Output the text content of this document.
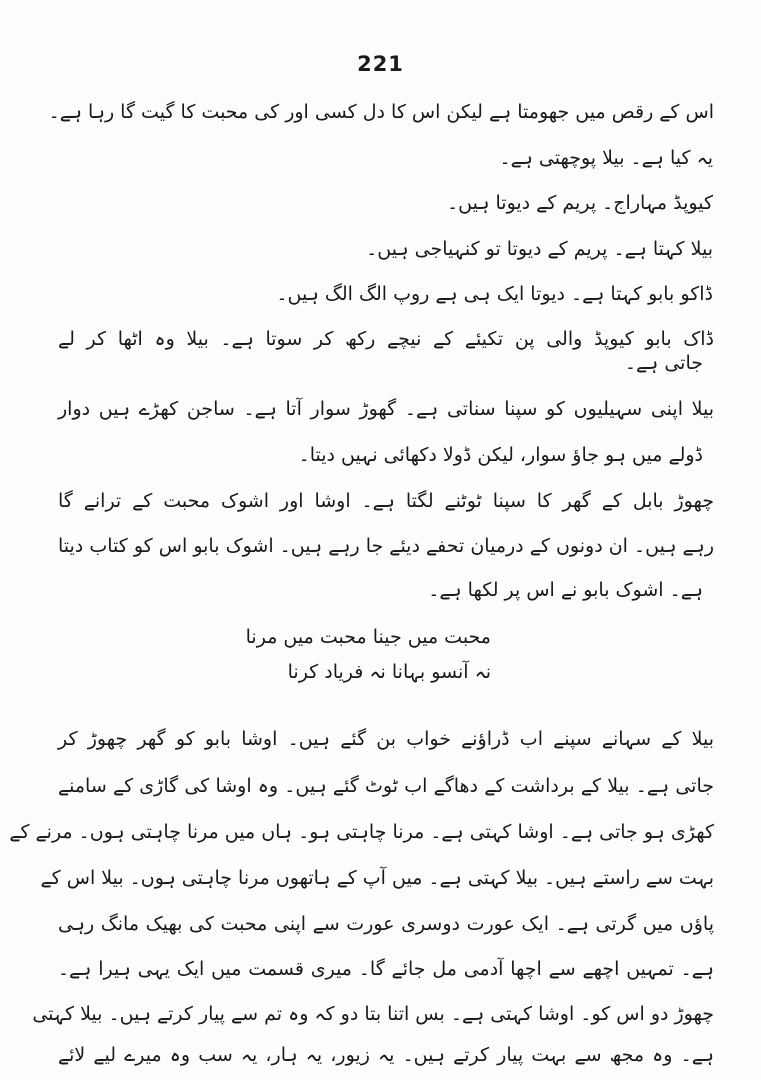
221
اس کے رقص میں جھومتا ہے لیکن اس کا دل کسی اور کی محبت کا گیت گا رہا ہے۔
یہ کیا ہے۔ بیلا پوچھتی ہے۔
کیوپڈ مہاراج۔ پریم کے دیوتا ہیں۔
بیلا کہتا ہے۔ پریم کے دیوتا تو کنہیاجی ہیں۔
ڈاکو بابو کہتا ہے۔ دیوتا ایک ہی ہے روپ الگ الگ ہیں۔
ڈاک بابو کیوپڈ والی پن تکیئے کے نیچے رکھ کر سوتا ہے۔ بیلا وہ اٹھا کر لے
جاتی ہے۔
بیلا اپنی سہیلیوں کو سپنا سناتی ہے۔ گھوڑ سوار آتا ہے۔ ساجن کھڑے ہیں دوار
ڈولے میں ہو جاؤ سوار، لیکن ڈولا دکھائی نہیں دیتا۔
چھوڑ بابل کے گھر کا سپنا ٹوٹنے لگتا ہے۔ اوشا اور اشوک محبت کے ترانے گا
رہے ہیں۔ ان دونوں کے درمیان تحفے دیئے جا رہے ہیں۔ اشوک بابو اس کو کتاب دیتا
ہے۔ اشوک بابو نے اس پر لکھا ہے۔
محبت میں جینا محبت میں مرنا
نہ آنسو بہانا نہ فریاد کرنا
بیلا کے سہانے سپنے اب ڈراؤنے خواب بن گئے ہیں۔ اوشا بابو کو گھر چھوڑ کر
جاتی ہے۔ بیلا کے برداشت کے دھاگے اب ٹوٹ گئے ہیں۔ وہ اوشا کی گاڑی کے سامنے
کھڑی ہو جاتی ہے۔ اوشا کہتی ہے۔ مرنا چاہتی ہو۔ ہاں میں مرنا چاہتی ہوں۔ مرنے کے
بہت سے راستے ہیں۔ بیلا کہتی ہے۔ میں آپ کے ہاتھوں مرنا چاہتی ہوں۔ بیلا اس کے
پاؤں میں گرتی ہے۔ ایک عورت دوسری عورت سے اپنی محبت کی بھیک مانگ رہی
ہے۔ تمہیں اچھے سے اچھا آدمی مل جائے گا۔ میری قسمت میں ایک یہی ہیرا ہے۔
چھوڑ دو اس کو۔ اوشا کہتی ہے۔ بس اتنا بتا دو کہ وہ تم سے پیار کرتے ہیں۔ بیلا کہتی
ہے۔ وہ مجھ سے بہت پیار کرتے ہیں۔ یہ زیور، یہ ہار، یہ سب وہ میرے لیے لائے
